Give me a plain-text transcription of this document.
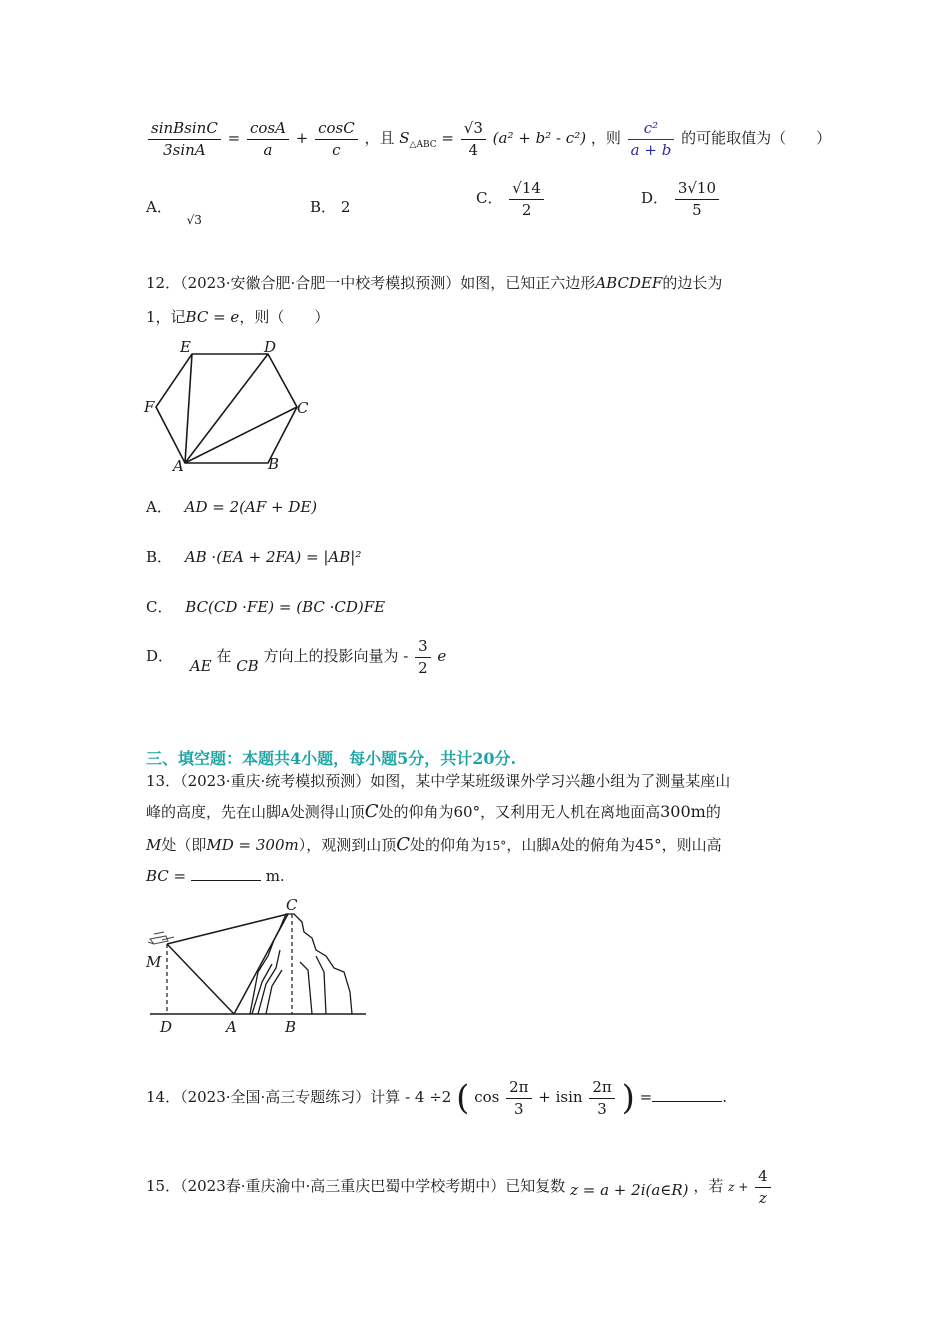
$\frac{\text{sinBsinC}}{3\sin A} = \frac{\cos A}{a} + \frac{\cos C}{c}$ ，且 $S_{\triangle ABC} = \frac{√3}{4} (a^2 + b^2 - c^2)$ ，则 $\frac{\text{c²}}{a + b}$ 的可能取值为（　　）
A． $_{√3}$
B． 2	C． $\frac{√14}{2}$	D． $\frac{3√10}{5}$
12．（2023·安徽合肥·合肥一中校考模拟预测）如图，已知正六边形ABCDEF的边长为
1，记BC = e，则（　　）
E	D
F	C
A	B
A． AD = 2(AF + DE)
B． AB ·(EA + 2FA) = |AB|²
C． BC(CD ·FE) = (BC ·CD)FE
D． AE 在 CB 方向上的投影向量为 - $\frac{3}{2}$ e
三、填空题：本题共4小题，每小题5分，共计20分.
13．（2023·重庆·统考模拟预测）如图，某中学某班级课外学习兴趣小组为了测量某座山
峰的高度，先在山脚A处测得山顶C处的仰角为60°，又利用无人机在离地面高300m的
M处（即MD = 300m），观测到山顶C处的仰角为15°，山脚A处的俯角为45°，则山高
BC =	m.
C
M
D	A	B
14．（2023·全国·高三专题练习）计算 - 4 ÷2 ( $\cos \frac{2\pi}{3} + isin \frac{2\pi}{3}$ ) =	.
15．（2023春·重庆渝中·高三重庆巴蜀中学校考期中）已知复数 z = a + 2i(a∈R) ，若 $z + \frac{4}{z}$
